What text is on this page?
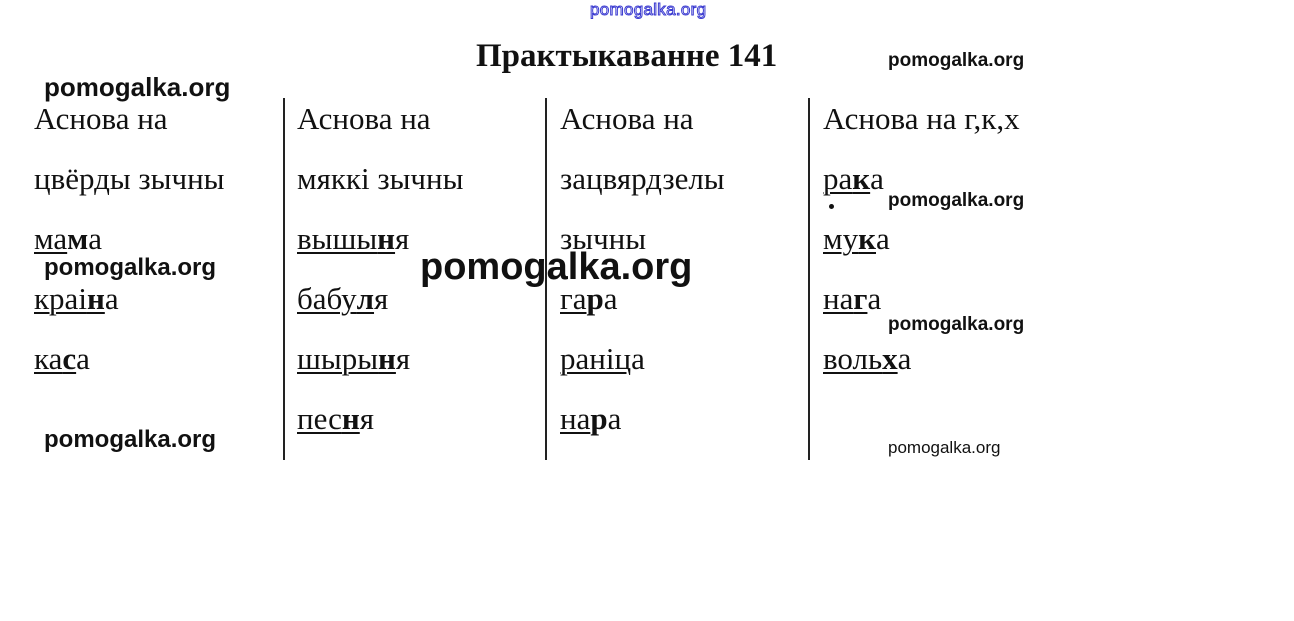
pomogalka.org
Практыкаванне 141	pomogalka.org
pomogalka.org
pomogalka.org
pomogalka.org
pomogalka.org
pomogalka.org	pomogalka.org
Аснова на
цвёрды зычны
мама
краіна
каса
Аснова на
мяккі зычны
вышыня
бабуля
шырыня
песня
Аснова на
зацвярдзелы
зычны
гара
раніца
нара
Аснова на г,к,х
рака
мука
нага
вольха
pomogalka.org
